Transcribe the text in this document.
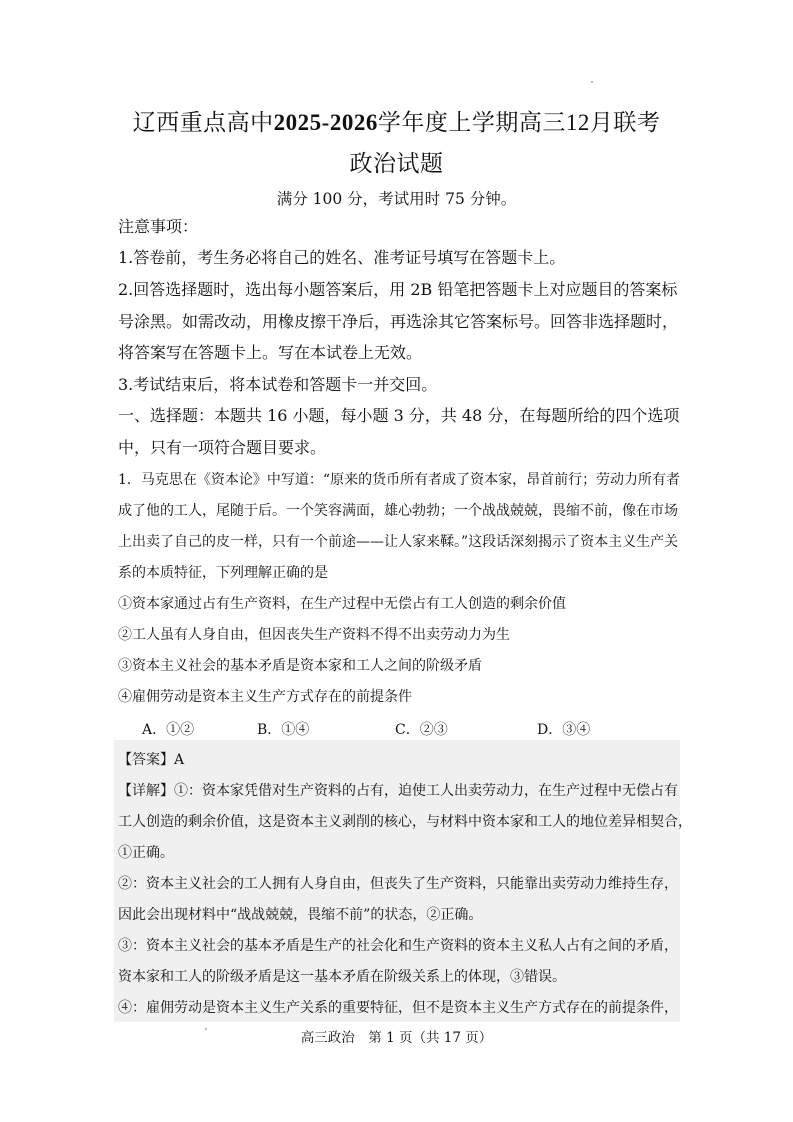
辽西重点高中2025-2026学年度上学期高三12月联考
政治试题
满分 100 分，考试用时 75 分钟。
注意事项：
1.答卷前，考生务必将自己的姓名、准考证号填写在答题卡上。
2.回答选择题时，选出每小题答案后，用 2B 铅笔把答题卡上对应题目的答案标
号涂黑。如需改动，用橡皮擦干净后，再选涂其它答案标号。回答非选择题时，
将答案写在答题卡上。写在本试卷上无效。
3.考试结束后，将本试卷和答题卡一并交回。
一、选择题：本题共 16 小题，每小题 3 分，共 48 分，在每题所给的四个选项
中，只有一项符合题目要求。
1．马克思在《资本论》中写道：“原来的货币所有者成了资本家，昂首前行；劳动力所有者
成了他的工人，尾随于后。一个笑容满面，雄心勃勃；一个战战兢兢，畏缩不前，像在市场
上出卖了自己的皮一样，只有一个前途——让人家来鞣。”这段话深刻揭示了资本主义生产关
系的本质特征，下列理解正确的是
①资本家通过占有生产资料，在生产过程中无偿占有工人创造的剩余价值
②工人虽有人身自由，但因丧失生产资料不得不出卖劳动力为生
③资本主义社会的基本矛盾是资本家和工人之间的阶级矛盾
④雇佣劳动是资本主义生产方式存在的前提条件
A．①②	B．①④	C．②③	D．③④
【答案】A
【详解】①：资本家凭借对生产资料的占有，迫使工人出卖劳动力，在生产过程中无偿占有
工人创造的剩余价值，这是资本主义剥削的核心，与材料中资本家和工人的地位差异相契合，
①正确。
②：资本主义社会的工人拥有人身自由，但丧失了生产资料，只能靠出卖劳动力维持生存，
因此会出现材料中“战战兢兢，畏缩不前”的状态，②正确。
③：资本主义社会的基本矛盾是生产的社会化和生产资料的资本主义私人占有之间的矛盾，
资本家和工人的阶级矛盾是这一基本矛盾在阶级关系上的体现，③错误。
④：雇佣劳动是资本主义生产关系的重要特征，但不是资本主义生产方式存在的前提条件，
高三政治　第 1 页（共 17 页）
